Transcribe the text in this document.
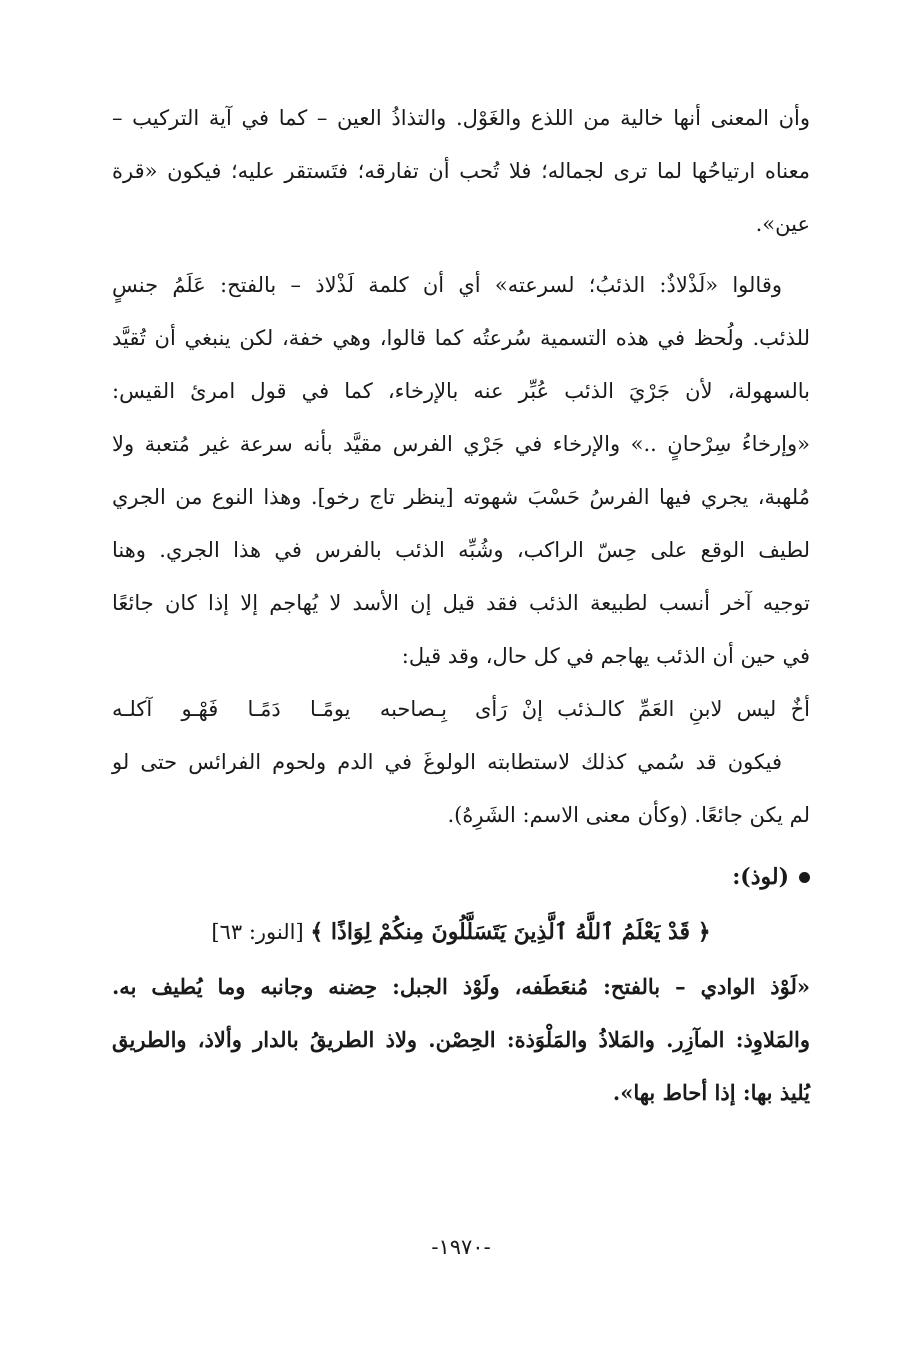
وأن المعنى أنها خالية من اللذع والغَوْل. والتذاذُ العين – كما في آية التركيب –
معناه ارتياحُها لما ترى لجماله؛ فلا تُحب أن تفارقه؛ فتَستقر عليه؛ فيكون «قرة
عين».
وقالوا «لَذْلاذٌ: الذئبُ؛ لسرعته» أي أن كلمة لَذْلاذ – بالفتح: عَلَمُ جنسٍ
للذئب. ولُحظ في هذه التسمية سُرعتُه كما قالوا، وهي خفة، لكن ينبغي أن تُقيَّد
بالسهولة، لأن جَرْيَ الذئب عُبِّر عنه بالإرخاء، كما في قول امرئ القيس:
«وإرخاءُ سِرْحانٍ ..» والإرخاء في جَرْي الفرس مقيَّد بأنه سرعة غير مُتعبة ولا
مُلهبة، يجري فيها الفرسُ حَسْبَ شهوته [ينظر تاج رخو]. وهذا النوع من الجري
لطيف الوقع على حِسّ الراكب، وشُبِّه الذئب بالفرس في هذا الجري. وهنا
توجيه آخر أنسب لطبيعة الذئب فقد قيل إن الأسد لا يُهاجم إلا إذا كان جائعًا
في حين أن الذئب يهاجم في كل حال، وقد قيل:
أخٌ ليس لابنِ العَمِّ كالـذئب إنْ رَأى
بِـصاحبه يومًـا دَمًـا فَهْـو آكلـه
فيكون قد سُمي كذلك لاستطابته الولوغَ في الدم ولحوم الفرائس حتى لو
لم يكن جائعًا. (وكأن معنى الاسم: الشَرِهُ).
(لوذ):
﴿ قَدْ يَعْلَمُ ٱللَّهُ ٱلَّذِينَ يَتَسَلَّلُونَ مِنكُمْ لِوَاذًا ﴾ [النور: ٦٣]
«لَوْذ الوادي – بالفتح: مُنعَطَفه، ولَوْذ الجبل: حِضنه وجانبه وما يُطيف به.
والمَلاوِذ: المآزِر. والمَلاذُ والمَلْوَذة: الحِصْن. ولاذ الطريقُ بالدار وألاذ، والطريق
يُليذ بها: إذا أحاط بها».
-١٩٧٠-
